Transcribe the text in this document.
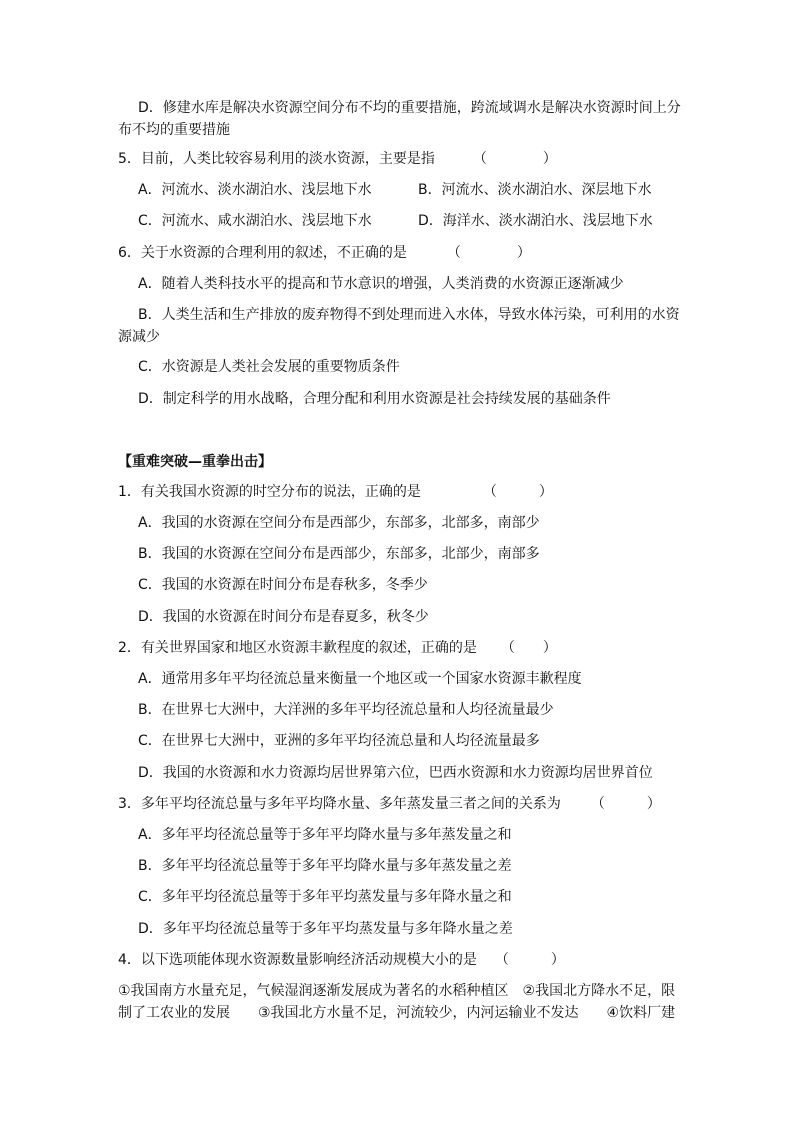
D．修建水库是解决水资源空间分布不均的重要措施，跨流域调水是解决水资源时间上分
布不均的重要措施
5．目前，人类比较容易利用的淡水资源，主要是指	（　　　　）
A．河流水、淡水湖泊水、浅层地下水	B．河流水、淡水湖泊水、深层地下水
C．河流水、咸水湖泊水、浅层地下水	D．海洋水、淡水湖泊水、浅层地下水
6．关于水资源的合理利用的叙述，不正确的是	（　　　　）
A．随着人类科技水平的提高和节水意识的增强，人类消费的水资源正逐渐减少
B．人类生活和生产排放的废弃物得不到处理而进入水体，导致水体污染，可利用的水资
源减少
C．水资源是人类社会发展的重要物质条件
D．制定科学的用水战略，合理分配和利用水资源是社会持续发展的基础条件
【重难突破—重拳出击】
1．有关我国水资源的时空分布的说法，正确的是	（　　　）
A．我国的水资源在空间分布是西部少，东部多，北部多，南部少
B．我国的水资源在空间分布是西部少，东部多，北部少，南部多
C．我国的水资源在时间分布是春秋多，冬季少
D．我国的水资源在时间分布是春夏多，秋冬少
2．有关世界国家和地区水资源丰歉程度的叙述，正确的是 （　　）
A．通常用多年平均径流总量来衡量一个地区或一个国家水资源丰歉程度
B．在世界七大洲中，大洋洲的多年平均径流总量和人均径流量最少
C．在世界七大洲中，亚洲的多年平均径流总量和人均径流量最多
D．我国的水资源和水力资源均居世界第六位，巴西水资源和水力资源均居世界首位
3．多年平均径流总量与多年平均降水量、多年蒸发量三者之间的关系为 （　　　）
A．多年平均径流总量等于多年平均降水量与多年蒸发量之和
B．多年平均径流总量等于多年平均降水量与多年蒸发量之差
C．多年平均径流总量等于多年平均蒸发量与多年降水量之和
D．多年平均径流总量等于多年平均蒸发量与多年降水量之差
4．以下选项能体现水资源数量影响经济活动规模大小的是 （　　　）
①我国南方水量充足，气候湿润逐渐发展成为著名的水稻种植区　②我国北方降水不足，限
制了工农业的发展　　③我国北方水量不足，河流较少，内河运输业不发达　　④饮料厂建
